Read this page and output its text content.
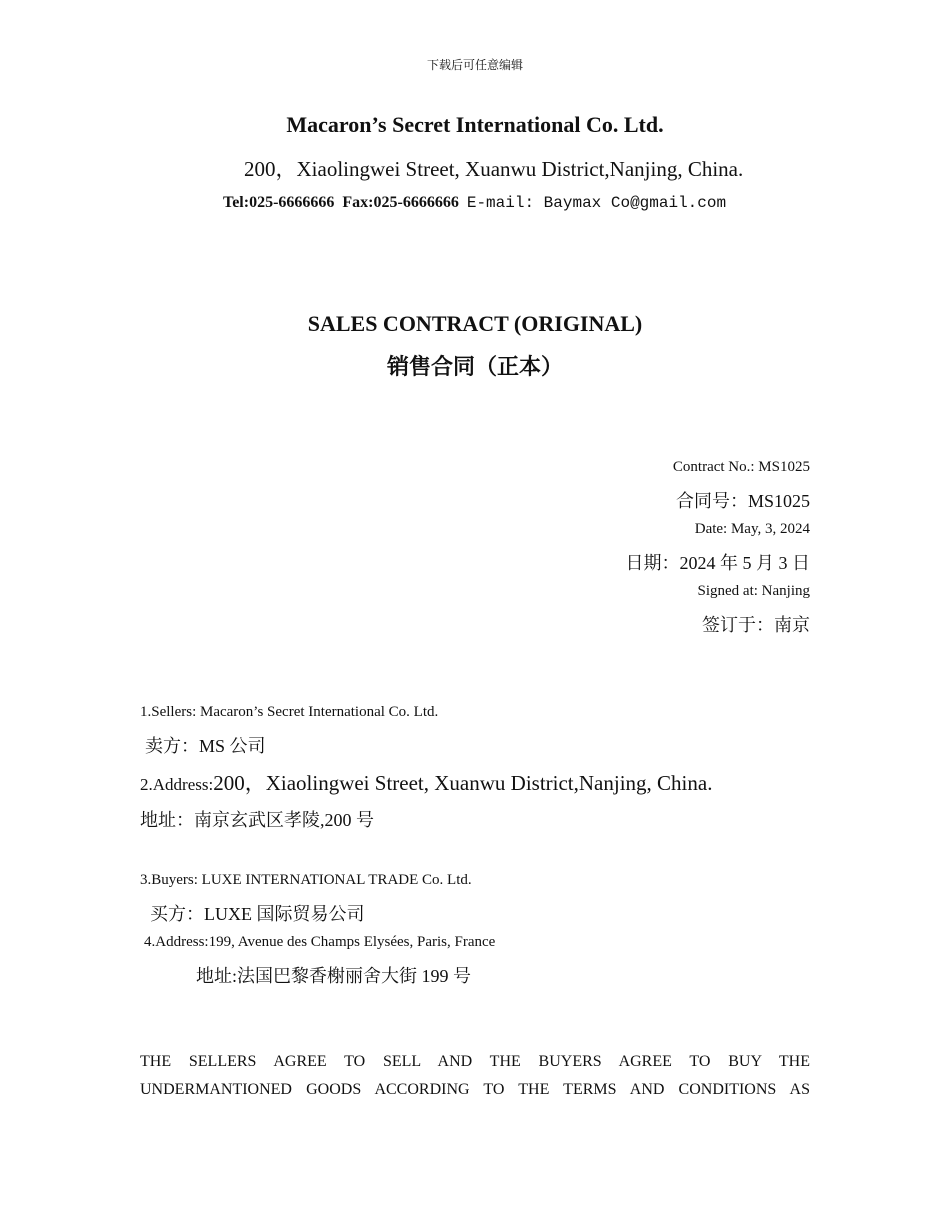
下载后可任意编辑
Macaron’s Secret International Co. Ltd.
200，Xiaolingwei Street, Xuanwu District,Nanjing, China.
Tel:025-6666666 Fax:025-6666666 E-mail: Baymax Co@gmail.com
SALES CONTRACT (ORIGINAL)
销售合同（正本）
Contract No.: MS1025
合同号：MS1025
Date: May, 3, 2024
日期：2024 年 5 月 3 日
Signed at: Nanjing
签订于：南京
1.Sellers: Macaron’s Secret International Co. Ltd.
卖方：MS 公司
2.Address:200，Xiaolingwei Street, Xuanwu District,Nanjing, China.
地址：南京玄武区孝陵,200 号
3.Buyers: LUXE INTERNATIONAL TRADE Co. Ltd.
买方：LUXE 国际贸易公司
4.Address:199, Avenue des Champs Elysées, Paris, France
地址:法国巴黎香榭丽舍大街 199 号
THE SELLERS AGREE TO SELL AND THE BUYERS AGREE TO BUY THE UNDERMANTIONED GOODS ACCORDING TO THE TERMS AND CONDITIONS AS
